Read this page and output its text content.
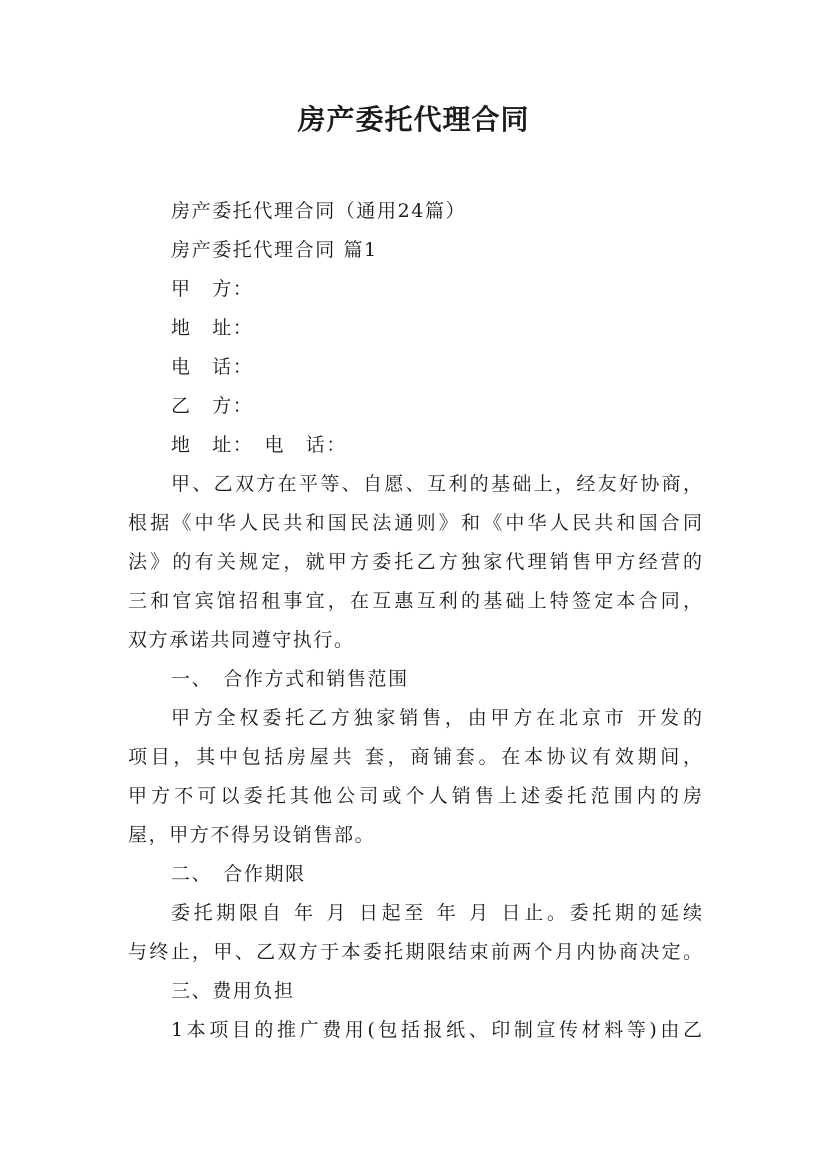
房产委托代理合同
房产委托代理合同（通用24篇）
房产委托代理合同 篇1
甲　方：
地　址：
电　话：
乙　方：
地　址：　电　话：
甲、乙双方在平等、自愿、互利的基础上，经友好协商，
根据《中华人民共和国民法通则》和《中华人民共和国合同
法》的有关规定，就甲方委托乙方独家代理销售甲方经营的
三和官宾馆招租事宜，在互惠互利的基础上特签定本合同，
双方承诺共同遵守执行。
一、　合作方式和销售范围
甲方全权委托乙方独家销售，由甲方在北京市 开发的
项目，其中包括房屋共 套，商铺套。在本协议有效期间，
甲方不可以委托其他公司或个人销售上述委托范围内的房
屋，甲方不得另设销售部。
二、　合作期限
委托期限自 年 月 日起至 年 月 日止。委托期的延续
与终止，甲、乙双方于本委托期限结束前两个月内协商决定。
三、费用负担
1本项目的推广费用(包括报纸、印制宣传材料等)由乙
